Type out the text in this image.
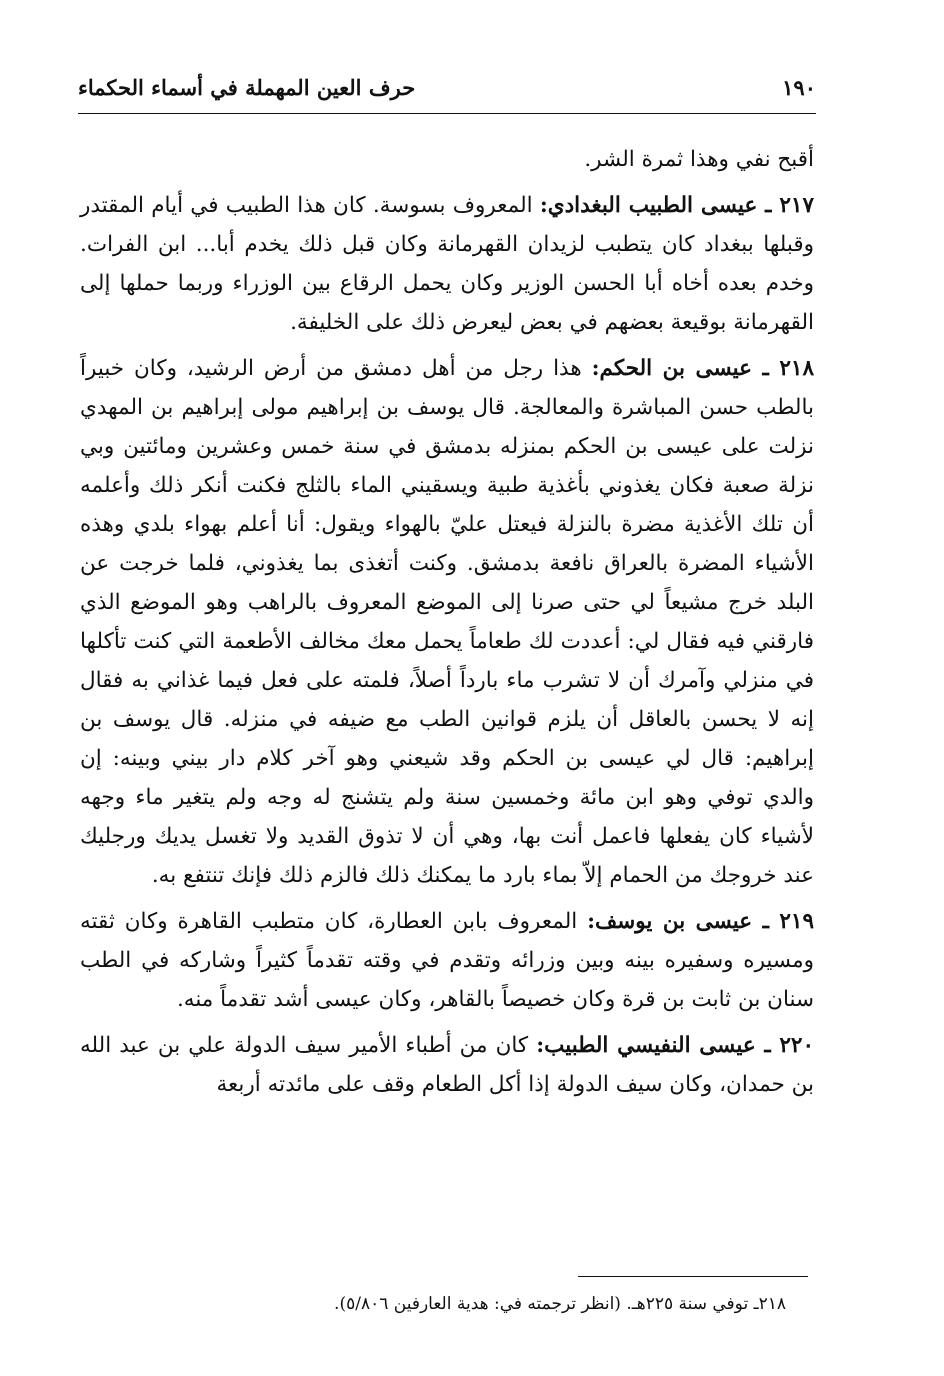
١٩٠
حرف العين المهملة في أسماء الحكماء

أقبح نفي وهذا ثمرة الشر.

٢١٧ ـ عيسى الطبيب البغدادي: المعروف بسوسة. كان هذا الطبيب في أيام المقتدر وقبلها ببغداد كان يتطبب لزيدان القهرمانة وكان قبل ذلك يخدم أبا... ابن الفرات. وخدم بعده أخاه أبا الحسن الوزير وكان يحمل الرقاع بين الوزراء وربما حملها إلى القهرمانة بوقيعة بعضهم في بعض ليعرض ذلك على الخليفة.

٢١٨ ـ عيسى بن الحكم: هذا رجل من أهل دمشق من أرض الرشيد، وكان خبيراً بالطب حسن المباشرة والمعالجة. قال يوسف بن إبراهيم مولى إبراهيم بن المهدي نزلت على عيسى بن الحكم بمنزله بدمشق في سنة خمس وعشرين ومائتين وبي نزلة صعبة فكان يغذوني بأغذية طبية ويسقيني الماء بالثلج فكنت أنكر ذلك وأعلمه أن تلك الأغذية مضرة بالنزلة فيعتل عليّ بالهواء ويقول: أنا أعلم بهواء بلدي وهذه الأشياء المضرة بالعراق نافعة بدمشق. وكنت أتغذى بما يغذوني، فلما خرجت عن البلد خرج مشيعاً لي حتى صرنا إلى الموضع المعروف بالراهب وهو الموضع الذي فارقني فيه فقال لي: أعددت لك طعاماً يحمل معك مخالف الأطعمة التي كنت تأكلها في منزلي وآمرك أن لا تشرب ماء بارداً أصلاً، فلمته على فعل فيما غذاني به فقال إنه لا يحسن بالعاقل أن يلزم قوانين الطب مع ضيفه في منزله. قال يوسف بن إبراهيم: قال لي عيسى بن الحكم وقد شيعني وهو آخر كلام دار بيني وبينه: إن والدي توفي وهو ابن مائة وخمسين سنة ولم يتشنج له وجه ولم يتغير ماء وجهه لأشياء كان يفعلها فاعمل أنت بها، وهي أن لا تذوق القديد ولا تغسل يديك ورجليك عند خروجك من الحمام إلاّ بماء بارد ما يمكنك ذلك فالزم ذلك فإنك تنتفع به.

٢١٩ ـ عيسى بن يوسف: المعروف بابن العطارة، كان متطبب القاهرة وكان ثقته ومسيره وسفيره بينه وبين وزرائه وتقدم في وقته تقدماً كثيراً وشاركه في الطب سنان بن ثابت بن قرة وكان خصيصاً بالقاهر، وكان عيسى أشد تقدماً منه.

٢٢٠ ـ عيسى النفيسي الطبيب: كان من أطباء الأمير سيف الدولة علي بن عبد الله بن حمدان، وكان سيف الدولة إذا أكل الطعام وقف على مائدته أربعة

٢١٨ـ توفي سنة ٢٢٥هـ. (انظر ترجمته في: هدية العارفين ٥/٨٠٦).
